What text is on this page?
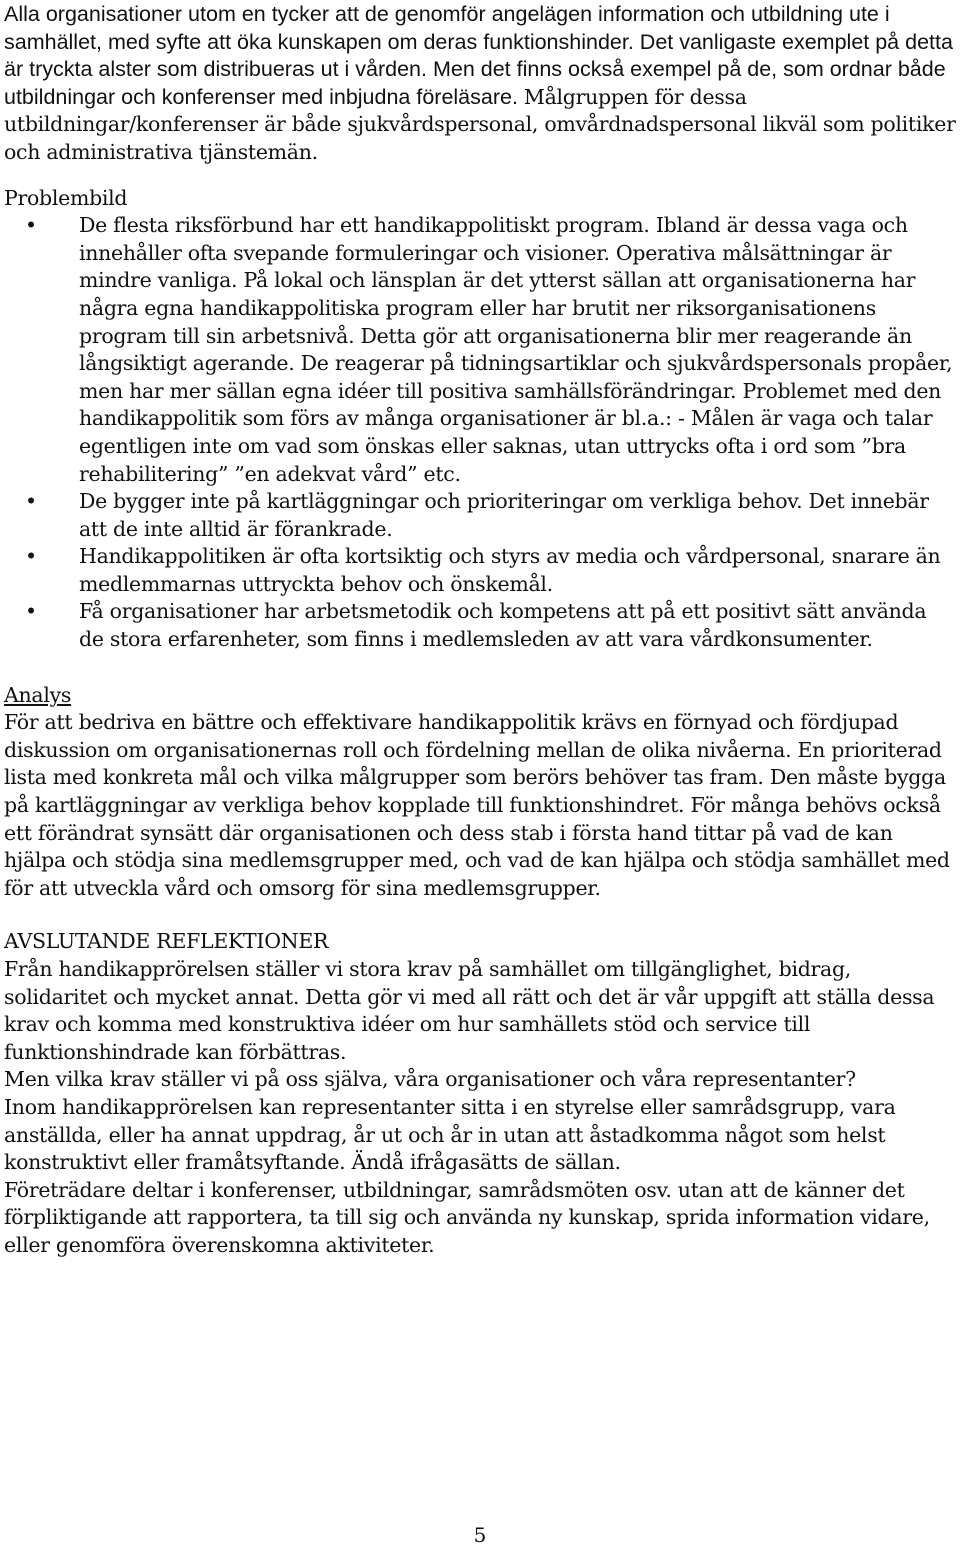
Alla organisationer utom en tycker att de genomför angelägen information och utbildning ute i samhället, med syfte att öka kunskapen om deras funktionshinder. Det vanligaste exemplet på detta är tryckta alster som distribueras ut i vården. Men det finns också exempel på de, som ordnar både utbildningar och konferenser med inbjudna föreläsare. Målgruppen för dessa utbildningar/konferenser är både sjukvårdspersonal, omvårdnadspersonal likväl som politiker och administrativa tjänstemän.

Problembild
• De flesta riksförbund har ett handikappolitiskt program. Ibland är dessa vaga och innehåller ofta svepande formuleringar och visioner. Operativa målsättningar är mindre vanliga. På lokal och länsplan är det ytterst sällan att organisationerna har några egna handikappolitiska program eller har brutit ner riksorganisationens program till sin arbetsnivå. Detta gör att organisationerna blir mer reagerande än långsiktigt agerande. De reagerar på tidningsartiklar och sjukvårdspersonals propåer, men har mer sällan egna idéer till positiva samhällsförändringar. Problemet med den handikappolitik som förs av många organisationer är bl.a.: - Målen är vaga och talar egentligen inte om vad som önskas eller saknas, utan uttrycks ofta i ord som ”bra rehabilitering” ”en adekvat vård” etc.
• De bygger inte på kartläggningar och prioriteringar om verkliga behov. Det innebär att de inte alltid är förankrade.
• Handikappolitiken är ofta kortsiktig och styrs av media och vårdpersonal, snarare än medlemmarnas uttryckta behov och önskemål.
• Få organisationer har arbetsmetodik och kompetens att på ett positivt sätt använda de stora erfarenheter, som finns i medlemsleden av att vara vårdkonsumenter.
Analys

För att bedriva en bättre och effektivare handikappolitik krävs en förnyad och fördjupad diskussion om organisationernas roll och fördelning mellan de olika nivåerna. En prioriterad lista med konkreta mål och vilka målgrupper som berörs behöver tas fram. Den måste bygga på kartläggningar av verkliga behov kopplade till funktionshindret. För många behövs också ett förändrat synsätt där organisationen och dess stab i första hand tittar på vad de kan hjälpa och stödja sina medlemsgrupper med, och vad de kan hjälpa och stödja samhället med för att utveckla vård och omsorg för sina medlemsgrupper.

AVSLUTANDE REFLEKTIONER

Från handikapprörelsen ställer vi stora krav på samhället om tillgänglighet, bidrag, solidaritet och mycket annat. Detta gör vi med all rätt och det är vår uppgift att ställa dessa krav och komma med konstruktiva idéer om hur samhällets stöd och service till funktionshindrade kan förbättras.

Men vilka krav ställer vi på oss själva, våra organisationer och våra representanter?

Inom handikapprörelsen kan representanter sitta i en styrelse eller samrådsgrupp, vara anställda, eller ha annat uppdrag, år ut och år in utan att åstadkomma något som helst konstruktivt eller framåtsyftande. Ändå ifrågasätts de sällan.

Företrädare deltar i konferenser, utbildningar, samrådsmöten osv. utan att de känner det förpliktigande att rapportera, ta till sig och använda ny kunskap, sprida information vidare, eller genomföra överenskomna aktiviteter.

5
